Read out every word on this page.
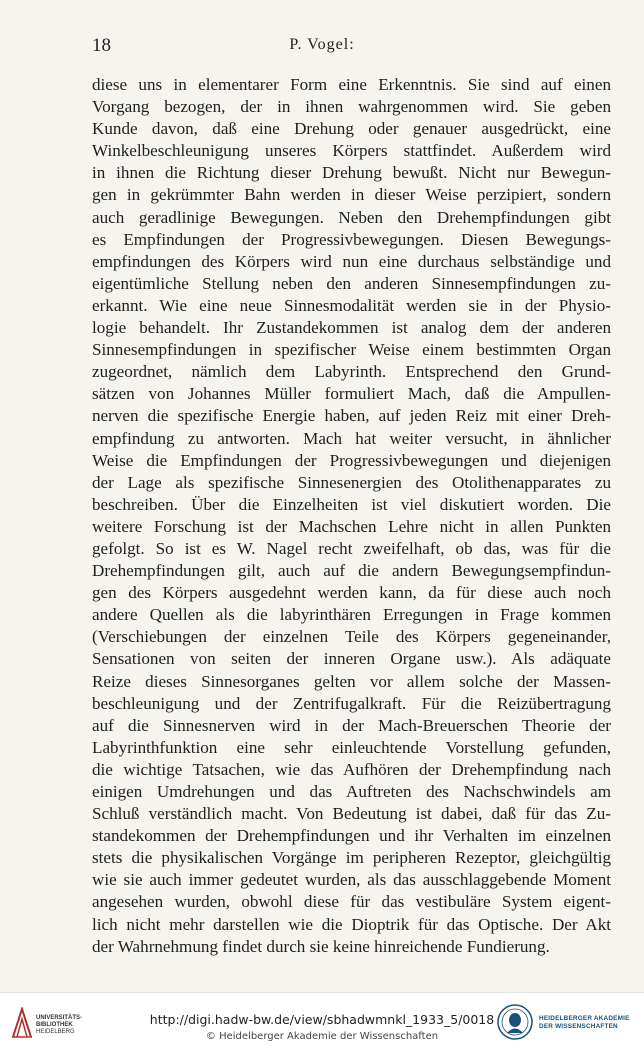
18	P. Vogel:
diese uns in elementarer Form eine Erkenntnis. Sie sind auf einen
Vorgang bezogen, der in ihnen wahrgenommen wird. Sie geben
Kunde davon, daß eine Drehung oder genauer ausgedrückt, eine
Winkelbeschleunigung unseres Körpers stattfindet. Außerdem wird
in ihnen die Richtung dieser Drehung bewußt. Nicht nur Bewegun-
gen in gekrümmter Bahn werden in dieser Weise perzipiert, sondern
auch geradlinige Bewegungen. Neben den Drehempfindungen gibt
es Empfindungen der Progressivbewegungen. Diesen Bewegungs-
empfindungen des Körpers wird nun eine durchaus selbständige und
eigentümliche Stellung neben den anderen Sinnesempfindungen zu-
erkannt. Wie eine neue Sinnesmodalität werden sie in der Physio-
logie behandelt. Ihr Zustandekommen ist analog dem der anderen
Sinnesempfindungen in spezifischer Weise einem bestimmten Organ
zugeordnet, nämlich dem Labyrinth. Entsprechend den Grund-
sätzen von Johannes Müller formuliert Mach, daß die Ampullen-
nerven die spezifische Energie haben, auf jeden Reiz mit einer Dreh-
empfindung zu antworten. Mach hat weiter versucht, in ähnlicher
Weise die Empfindungen der Progressivbewegungen und diejenigen
der Lage als spezifische Sinnesenergien des Otolithenapparates zu
beschreiben. Über die Einzelheiten ist viel diskutiert worden. Die
weitere Forschung ist der Machschen Lehre nicht in allen Punkten
gefolgt. So ist es W. Nagel recht zweifelhaft, ob das, was für die
Drehempfindungen gilt, auch auf die andern Bewegungsempfindun-
gen des Körpers ausgedehnt werden kann, da für diese auch noch
andere Quellen als die labyrinthären Erregungen in Frage kommen
(Verschiebungen der einzelnen Teile des Körpers gegeneinander,
Sensationen von seiten der inneren Organe usw.). Als adäquate
Reize dieses Sinnesorganes gelten vor allem solche der Massen-
beschleunigung und der Zentrifugalkraft. Für die Reizübertragung
auf die Sinnesnerven wird in der Mach-Breuerschen Theorie der
Labyrinthfunktion eine sehr einleuchtende Vorstellung gefunden,
die wichtige Tatsachen, wie das Aufhören der Drehempfindung nach
einigen Umdrehungen und das Auftreten des Nachschwindels am
Schluß verständlich macht. Von Bedeutung ist dabei, daß für das Zu-
standekommen der Drehempfindungen und ihr Verhalten im einzelnen
stets die physikalischen Vorgänge im peripheren Rezeptor, gleichgültig
wie sie auch immer gedeutet wurden, als das ausschlaggebende Moment
angesehen wurden, obwohl diese für das vestibuläre System eigent-
lich nicht mehr darstellen wie die Dioptrik für das Optische. Der Akt
der Wahrnehmung findet durch sie keine hinreichende Fundierung.
UNIVERSITÄTS-
BIBLIOTHEK
HEIDELBERG
http://digi.hadw-bw.de/view/sbhadwmnkl_1933_5/0018
© Heidelberger Akademie der Wissenschaften
HEIDELBERGER AKADEMIE
DER WISSENSCHAFTEN
